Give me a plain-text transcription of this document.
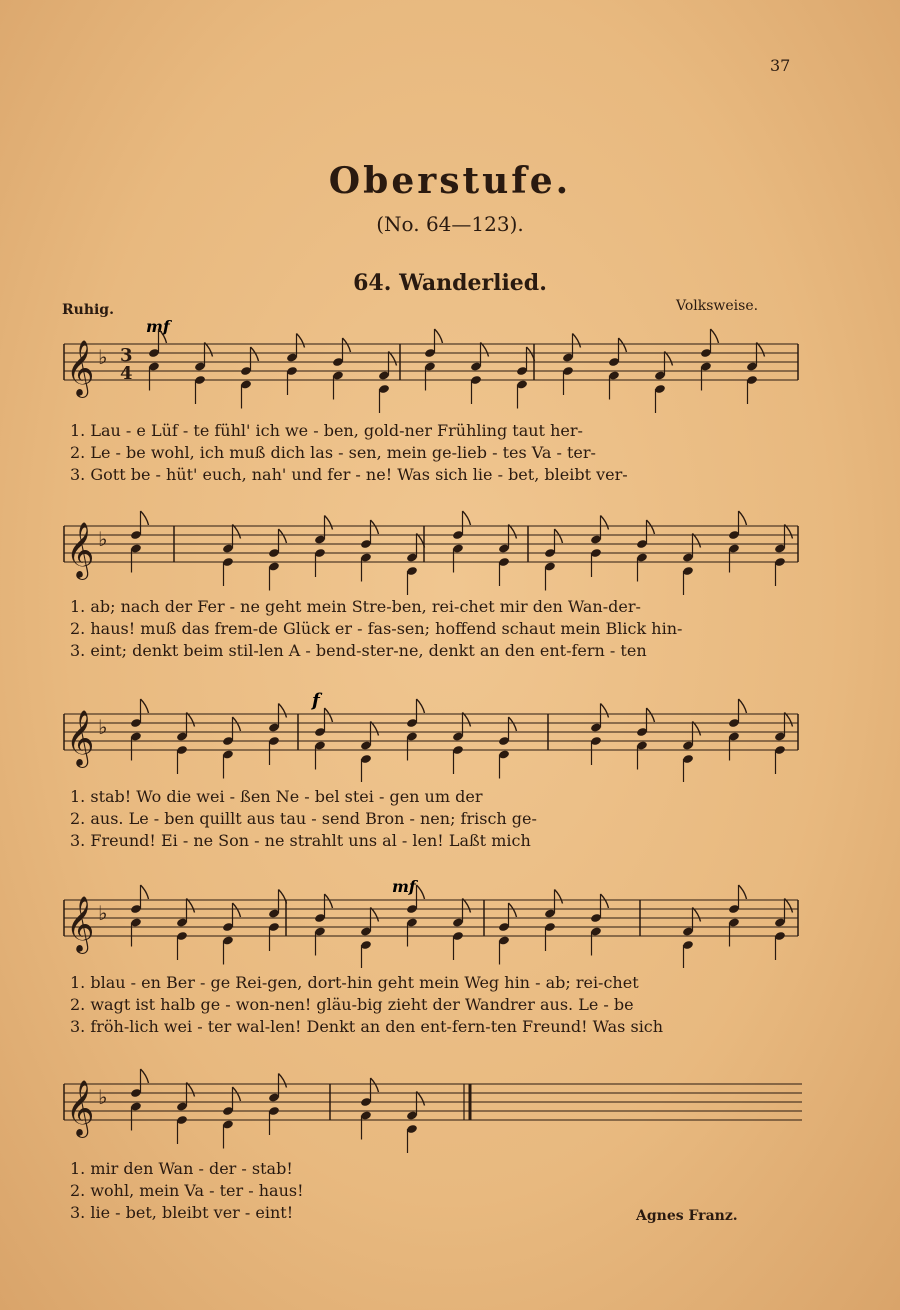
37
Oberstufe.
(No. 64—123).
64. Wanderlied.
Ruhig.	Volksweise.
mf
𝄞 ♭ 3
4
1. Lau - e Lüf - te fühl' ich we - ben, gold-ner Frühling taut her-
2. Le - be wohl, ich muß dich las - sen, mein ge-lieb - tes Va - ter-
3. Gott be - hüt' euch, nah' und fer - ne! Was sich lie - bet, bleibt ver-
𝄞 ♭
1. ab; nach der Fer - ne geht mein Stre-ben, rei-chet mir den Wan-der-
2. haus! muß das frem-de Glück er - fas-sen; hoffend schaut mein Blick hin-
3. eint; denkt beim stil-len A - bend-ster-ne, denkt an den ent-fern - ten
f
𝄞 ♭
1. stab! Wo die wei - ßen Ne - bel stei - gen um der
2. aus. Le - ben quillt aus tau - send Bron - nen; frisch ge-
3. Freund! Ei - ne Son - ne strahlt uns al - len! Laßt mich
mf
𝄞 ♭
1. blau - en Ber - ge Rei-gen, dort-hin geht mein Weg hin - ab; rei-chet
2. wagt ist halb ge - won-nen! gläu-big zieht der Wandrer aus. Le - be
3. fröh-lich wei - ter wal-len! Denkt an den ent-fern-ten Freund! Was sich
𝄞 ♭
1. mir den Wan - der - stab!
2. wohl, mein Va - ter - haus!
3. lie - bet, bleibt ver - eint!	Agnes Franz.
